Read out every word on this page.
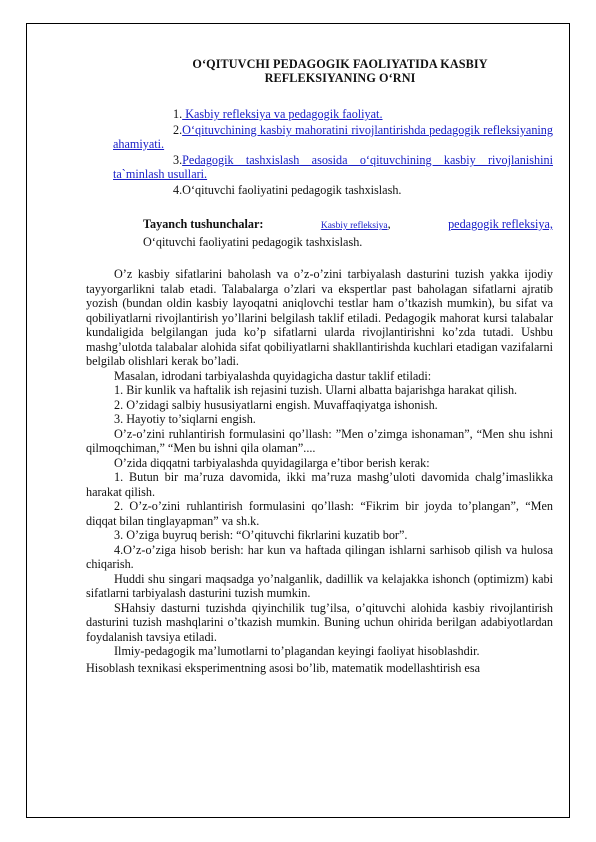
O‘QITUVCHI PEDAGOGIK FAOLIYATIDA KASBIY
REFLEKSIYANING O‘RNI
1. Kasbiy refleksiya va pedagogik faoliyat.
2.O‘qituvchining kasbiy mahoratini rivojlantirishda pedagogik refleksiyaning ahamiyati.
3.Pedagogik tashxislash asosida o‘qituvchining kasbiy rivojlanishini ta`minlash usullari.
4.O‘qituvchi faoliyatini pedagogik tashxislash.
Tayanch tushunchalar:	Kasbiy refleksiya,	pedagogik refleksiya,
O‘qituvchi faoliyatini pedagogik tashxislash.

O’z kasbiy sifatlarini baholash va o’z-o’zini tarbiyalash dasturini tuzish yakka ijodiy tayyorgarlikni talab etadi. Talabalarga o’zlari va ekspertlar past baholagan sifatlarni ajratib yozish (bundan oldin kasbiy layoqatni aniqlovchi testlar ham o’tkazish mumkin), bu sifat va qobiliyatlarni rivojlantirish yo’llarini belgilash taklif etiladi. Pedagogik mahorat kursi talabalar kundaligida belgilangan juda ko’p sifatlarni ularda rivojlantirishni ko’zda tutadi. Ushbu mashg’ulotda talabalar alohida sifat qobiliyatlarni shakllantirishda kuchlari etadigan vazifalarni belgilab olishlari kerak bo’ladi.

Masalan, idrodani tarbiyalashda quyidagicha dastur taklif etiladi:

1. Bir kunlik va haftalik ish rejasini tuzish. Ularni albatta bajarishga harakat qilish.

2. O’zidagi salbiy hususiyatlarni engish. Muvaffaqiyatga ishonish.

3. Hayotiy to’siqlarni engish.

O’z-o’zini ruhlantirish formulasini qo’llash: ”Men o’zimga ishonaman”, “Men shu ishni qilmoqchiman,” “Men bu ishni qila olaman”....

O’zida diqqatni tarbiyalashda quyidagilarga e’tibor berish kerak:

1. Butun bir ma’ruza davomida, ikki ma’ruza mashg’uloti davomida chalg’imaslikka harakat qilish.

2. O’z-o’zini ruhlantirish formulasini qo’llash: “Fikrim bir joyda to’plangan”, “Men diqqat bilan tinglayapman” va sh.k.

3. O’ziga buyruq berish: “O’qituvchi fikrlarini kuzatib bor”.

4.O’z-o’ziga hisob berish: har kun va haftada qilingan ishlarni sarhisob qilish va hulosa chiqarish.

Huddi shu singari maqsadga yo’nalganlik, dadillik va kelajakka ishonch (optimizm) kabi sifatlarni tarbiyalash dasturini tuzish mumkin.

SHahsiy dasturni tuzishda qiyinchilik tug’ilsa, o’qituvchi alohida kasbiy rivojlantirish dasturini tuzish mashqlarini o’tkazish mumkin. Buning uchun ohirida berilgan adabiyotlardan foydalanish tavsiya etiladi.

Ilmiy-pedagogik ma’lumotlarni to’plagandan keyingi faoliyat hisoblashdir.

Hisoblash texnikasi eksperimentning asosi bo’lib, matematik modellashtirish esa
